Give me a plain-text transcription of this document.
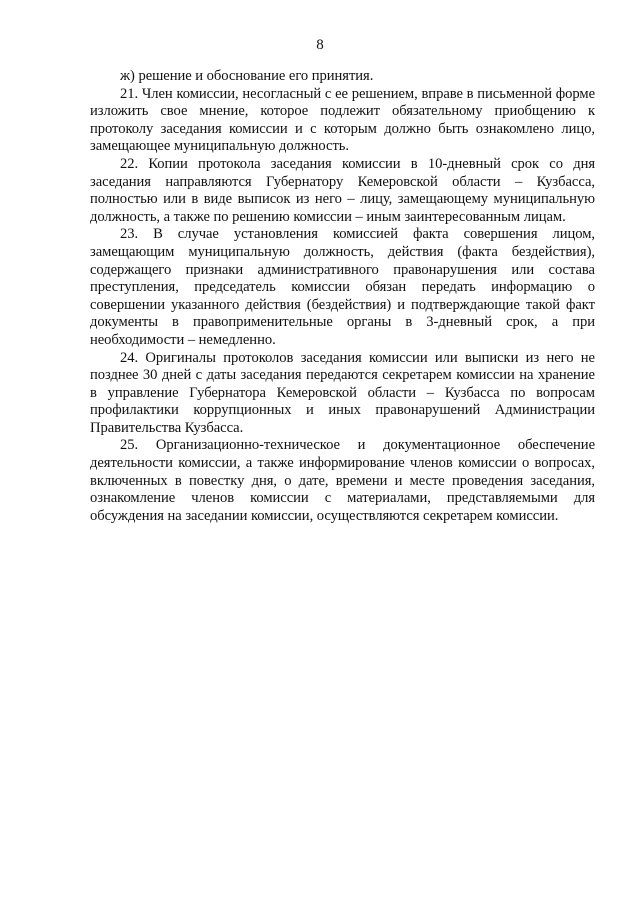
8

ж) решение и обоснование его принятия.

21. Член комиссии, несогласный с ее решением, вправе в письменной форме изложить свое мнение, которое подлежит обязательному приобщению к протоколу заседания комиссии и с которым должно быть ознакомлено лицо, замещающее муниципальную должность.

22. Копии протокола заседания комиссии в 10-дневный срок со дня заседания направляются Губернатору Кемеровской области – Кузбасса, полностью или в виде выписок из него – лицу, замещающему муниципальную должность, а также по решению комиссии – иным заинтересованным лицам.

23. В случае установления комиссией факта совершения лицом, замещающим муниципальную должность, действия (факта бездействия), содержащего признаки административного правонарушения или состава преступления, председатель комиссии обязан передать информацию о совершении указанного действия (бездействия) и подтверждающие такой факт документы в правоприменительные органы в 3-дневный срок, а при необходимости – немедленно.

24. Оригиналы протоколов заседания комиссии или выписки из него не позднее 30 дней с даты заседания передаются секретарем комиссии на хранение в управление Губернатора Кемеровской области – Кузбасса по вопросам профилактики коррупционных и иных правонарушений Администрации Правительства Кузбасса.

25. Организационно-техническое и документационное обеспечение деятельности комиссии, а также информирование членов комиссии о вопросах, включенных в повестку дня, о дате, времени и месте проведения заседания, ознакомление членов комиссии с материалами, представляемыми для обсуждения на заседании комиссии, осуществляются секретарем комиссии.
